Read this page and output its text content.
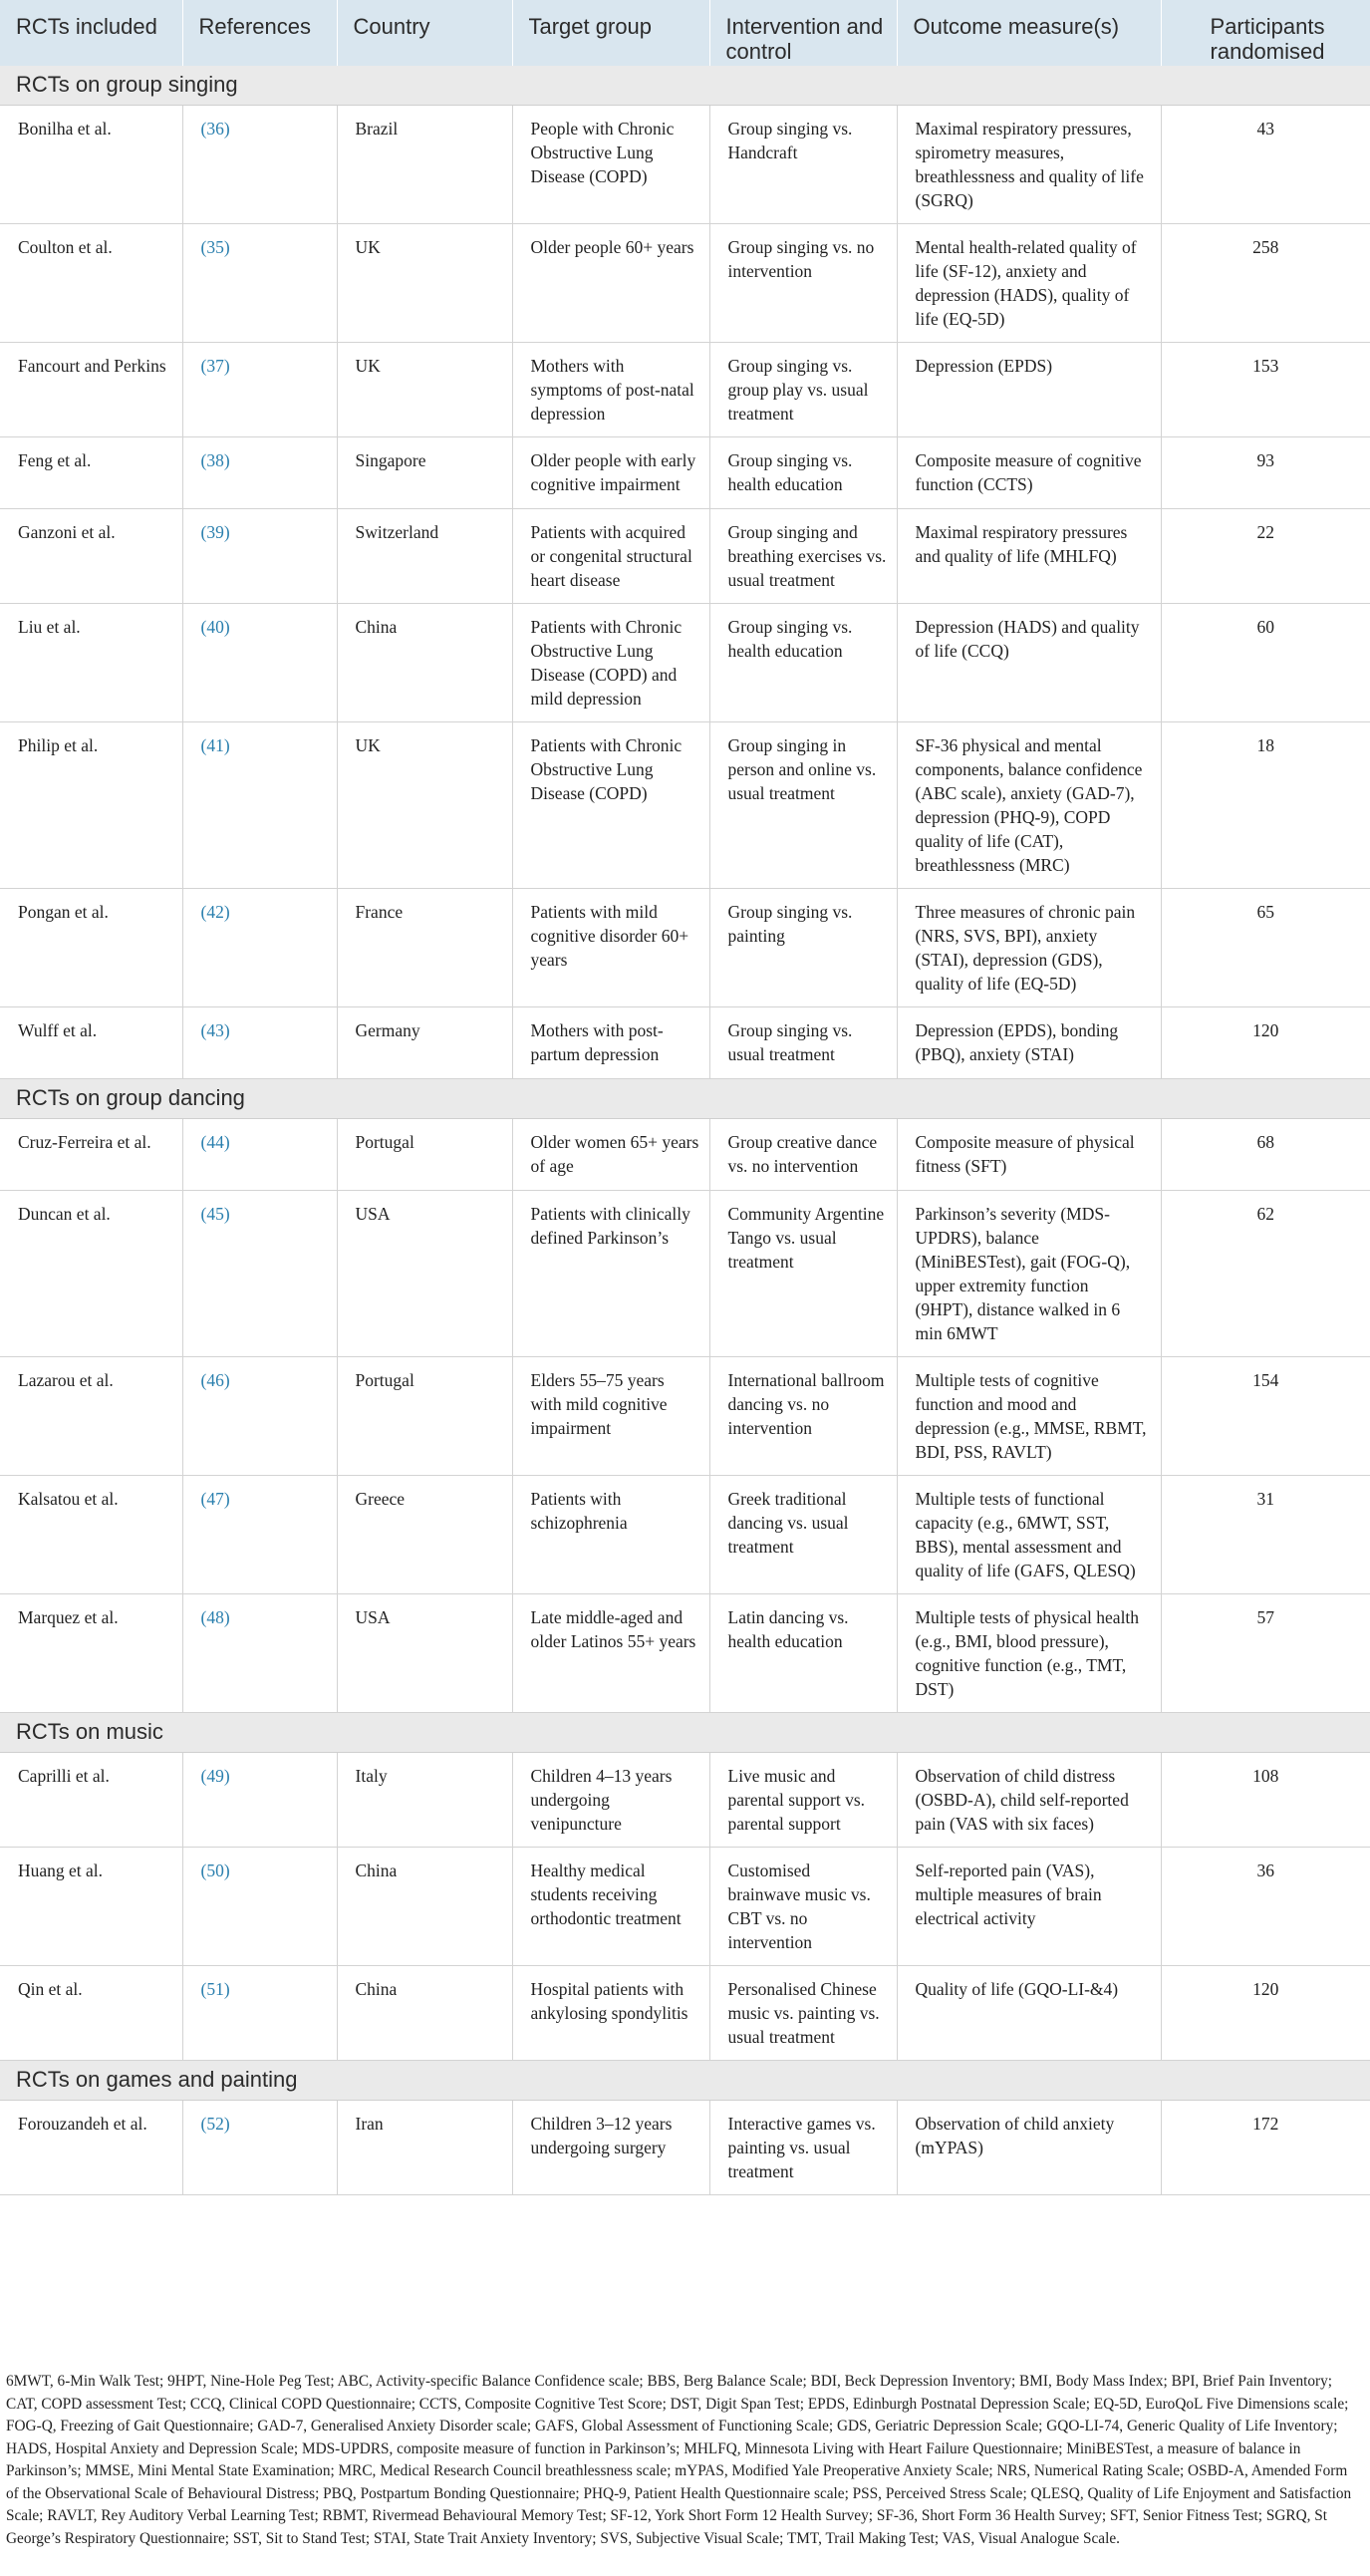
RCTs included	References	Country	Target group	Intervention and control	Outcome measure(s)	Participants randomised
RCTs on group singing						
Bonilha et al.	(36)	Brazil	People with Chronic Obstructive Lung Disease (COPD)	Group singing vs. Handcraft	Maximal respiratory pressures, spirometry measures, breathlessness and quality of life (SGRQ)	43
Coulton et al.	(35)	UK	Older people 60+ years	Group singing vs. no intervention	Mental health-related quality of life (SF-12), anxiety and depression (HADS), quality of life (EQ-5D)	258
Fancourt and Perkins	(37)	UK	Mothers with symptoms of post-natal depression	Group singing vs. group play vs. usual treatment	Depression (EPDS)	153
Feng et al.	(38)	Singapore	Older people with early cognitive impairment	Group singing vs. health education	Composite measure of cognitive function (CCTS)	93
Ganzoni et al.	(39)	Switzerland	Patients with acquired or congenital structural heart disease	Group singing and breathing exercises vs. usual treatment	Maximal respiratory pressures and quality of life (MHLFQ)	22
Liu et al.	(40)	China	Patients with Chronic Obstructive Lung Disease (COPD) and mild depression	Group singing vs. health education	Depression (HADS) and quality of life (CCQ)	60
Philip et al.	(41)	UK	Patients with Chronic Obstructive Lung Disease (COPD)	Group singing in person and online vs. usual treatment	SF-36 physical and mental components, balance confidence (ABC scale), anxiety (GAD-7), depression (PHQ-9), COPD quality of life (CAT), breathlessness (MRC)	18
Pongan et al.	(42)	France	Patients with mild cognitive disorder 60+ years	Group singing vs. painting	Three measures of chronic pain (NRS, SVS, BPI), anxiety (STAI), depression (GDS), quality of life (EQ-5D)	65
Wulff et al.	(43)	Germany	Mothers with post-partum depression	Group singing vs. usual treatment	Depression (EPDS), bonding (PBQ), anxiety (STAI)	120
RCTs on group dancing						
Cruz-Ferreira et al.	(44)	Portugal	Older women 65+ years of age	Group creative dance vs. no intervention	Composite measure of physical fitness (SFT)	68
Duncan et al.	(45)	USA	Patients with clinically defined Parkinson’s	Community Argentine Tango vs. usual treatment	Parkinson’s severity (MDS-UPDRS), balance (MiniBESTest), gait (FOG-Q), upper extremity function (9HPT), distance walked in 6 min 6MWT	62
Lazarou et al.	(46)	Portugal	Elders 55–75 years with mild cognitive impairment	International ballroom dancing vs. no intervention	Multiple tests of cognitive function and mood and depression (e.g., MMSE, RBMT, BDI, PSS, RAVLT)	154
Kalsatou et al.	(47)	Greece	Patients with schizophrenia	Greek traditional dancing vs. usual treatment	Multiple tests of functional capacity (e.g., 6MWT, SST, BBS), mental assessment and quality of life (GAFS, QLESQ)	31
Marquez et al.	(48)	USA	Late middle-aged and older Latinos 55+ years	Latin dancing vs. health education	Multiple tests of physical health (e.g., BMI, blood pressure), cognitive function (e.g., TMT, DST)	57
RCTs on music						
Caprilli et al.	(49)	Italy	Children 4–13 years undergoing venipuncture	Live music and parental support vs. parental support	Observation of child distress (OSBD-A), child self-reported pain (VAS with six faces)	108
Huang et al.	(50)	China	Healthy medical students receiving orthodontic treatment	Customised brainwave music vs. CBT vs. no intervention	Self-reported pain (VAS), multiple measures of brain electrical activity	36
Qin et al.	(51)	China	Hospital patients with ankylosing spondylitis	Personalised Chinese music vs. painting vs. usual treatment	Quality of life (GQO-LI-&4)	120
RCTs on games and painting						
Forouzandeh et al.	(52)	Iran	Children 3–12 years undergoing surgery	Interactive games vs. painting vs. usual treatment	Observation of child anxiety (mYPAS)	172
6MWT, 6-Min Walk Test; 9HPT, Nine-Hole Peg Test; ABC, Activity-specific Balance Confidence scale; BBS, Berg Balance Scale; BDI, Beck Depression Inventory; BMI, Body Mass Index; BPI, Brief Pain Inventory; CAT, COPD assessment Test; CCQ, Clinical COPD Questionnaire; CCTS, Composite Cognitive Test Score; DST, Digit Span Test; EPDS, Edinburgh Postnatal Depression Scale; EQ-5D, EuroQoL Five Dimensions scale; FOG-Q, Freezing of Gait Questionnaire; GAD-7, Generalised Anxiety Disorder scale; GAFS, Global Assessment of Functioning Scale; GDS, Geriatric Depression Scale; GQO-LI-74, Generic Quality of Life Inventory; HADS, Hospital Anxiety and Depression Scale; MDS-UPDRS, composite measure of function in Parkinson’s; MHLFQ, Minnesota Living with Heart Failure Questionnaire; MiniBESTest, a measure of balance in Parkinson’s; MMSE, Mini Mental State Examination; MRC, Medical Research Council breathlessness scale; mYPAS, Modified Yale Preoperative Anxiety Scale; NRS, Numerical Rating Scale; OSBD-A, Amended Form of the Observational Scale of Behavioural Distress; PBQ, Postpartum Bonding Questionnaire; PHQ-9, Patient Health Questionnaire scale; PSS, Perceived Stress Scale; QLESQ, Quality of Life Enjoyment and Satisfaction Scale; RAVLT, Rey Auditory Verbal Learning Test; RBMT, Rivermead Behavioural Memory Test; SF-12, York Short Form 12 Health Survey; SF-36, Short Form 36 Health Survey; SFT, Senior Fitness Test; SGRQ, St George’s Respiratory Questionnaire; SST, Sit to Stand Test; STAI, State Trait Anxiety Inventory; SVS, Subjective Visual Scale; TMT, Trail Making Test; VAS, Visual Analogue Scale.
